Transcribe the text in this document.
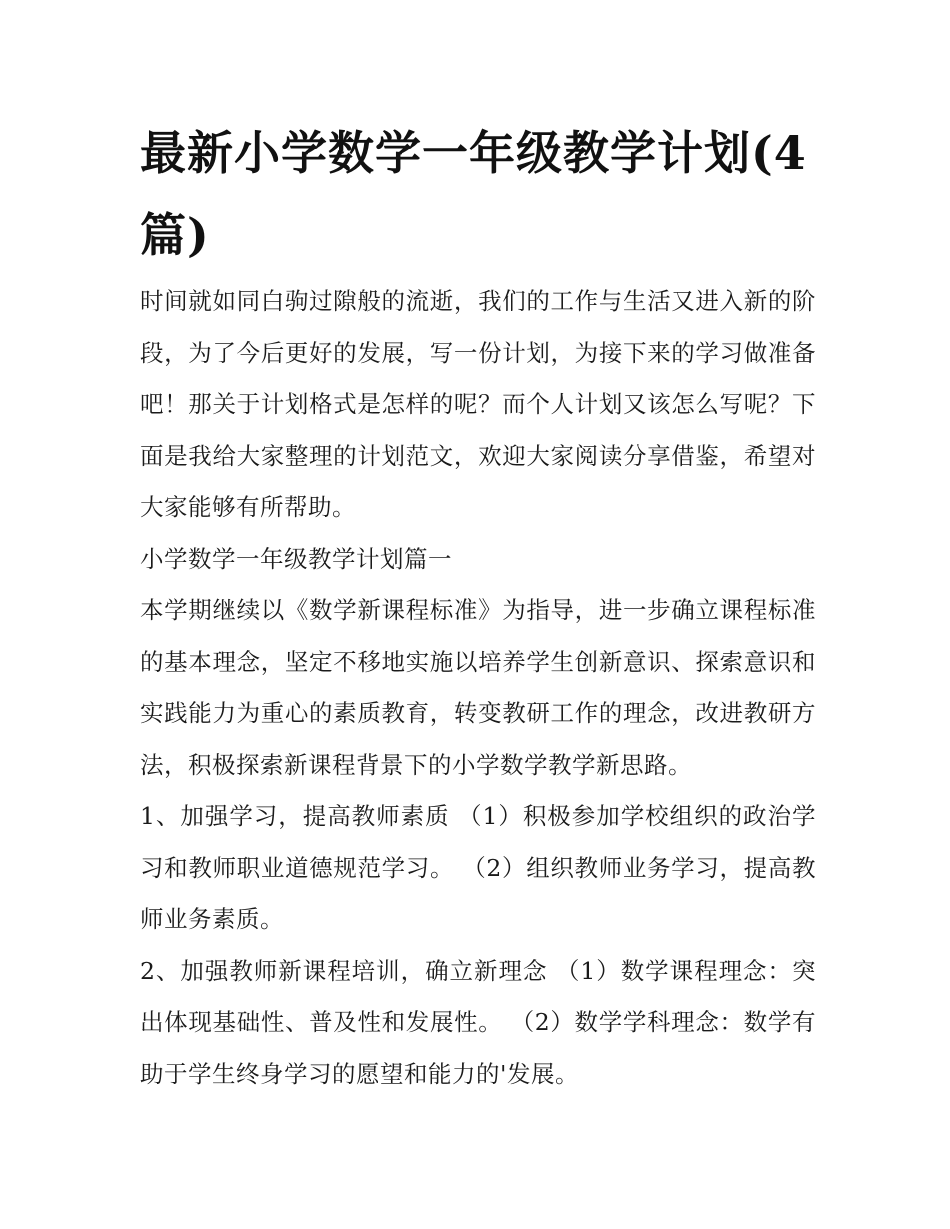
最新小学数学一年级教学计划(4 篇)

时间就如同白驹过隙般的流逝，我们的工作与生活又进入新的阶段，为了今后更好的发展，写一份计划，为接下来的学习做准备吧！那关于计划格式是怎样的呢？而个人计划又该怎么写呢？下面是我给大家整理的计划范文，欢迎大家阅读分享借鉴，希望对大家能够有所帮助。

小学数学一年级教学计划篇一

本学期继续以《数学新课程标准》为指导，进一步确立课程标准的基本理念，坚定不移地实施以培养学生创新意识、探索意识和实践能力为重心的素质教育，转变教研工作的理念，改进教研方法，积极探索新课程背景下的小学数学教学新思路。

1、加强学习，提高教师素质 （1）积极参加学校组织的政治学习和教师职业道德规范学习。 （2）组织教师业务学习，提高教师业务素质。

2、加强教师新课程培训，确立新理念 （1）数学课程理念：突出体现基础性、普及性和发展性。 （2）数学学科理念：数学有助于学生终身学习的愿望和能力的'发展。
